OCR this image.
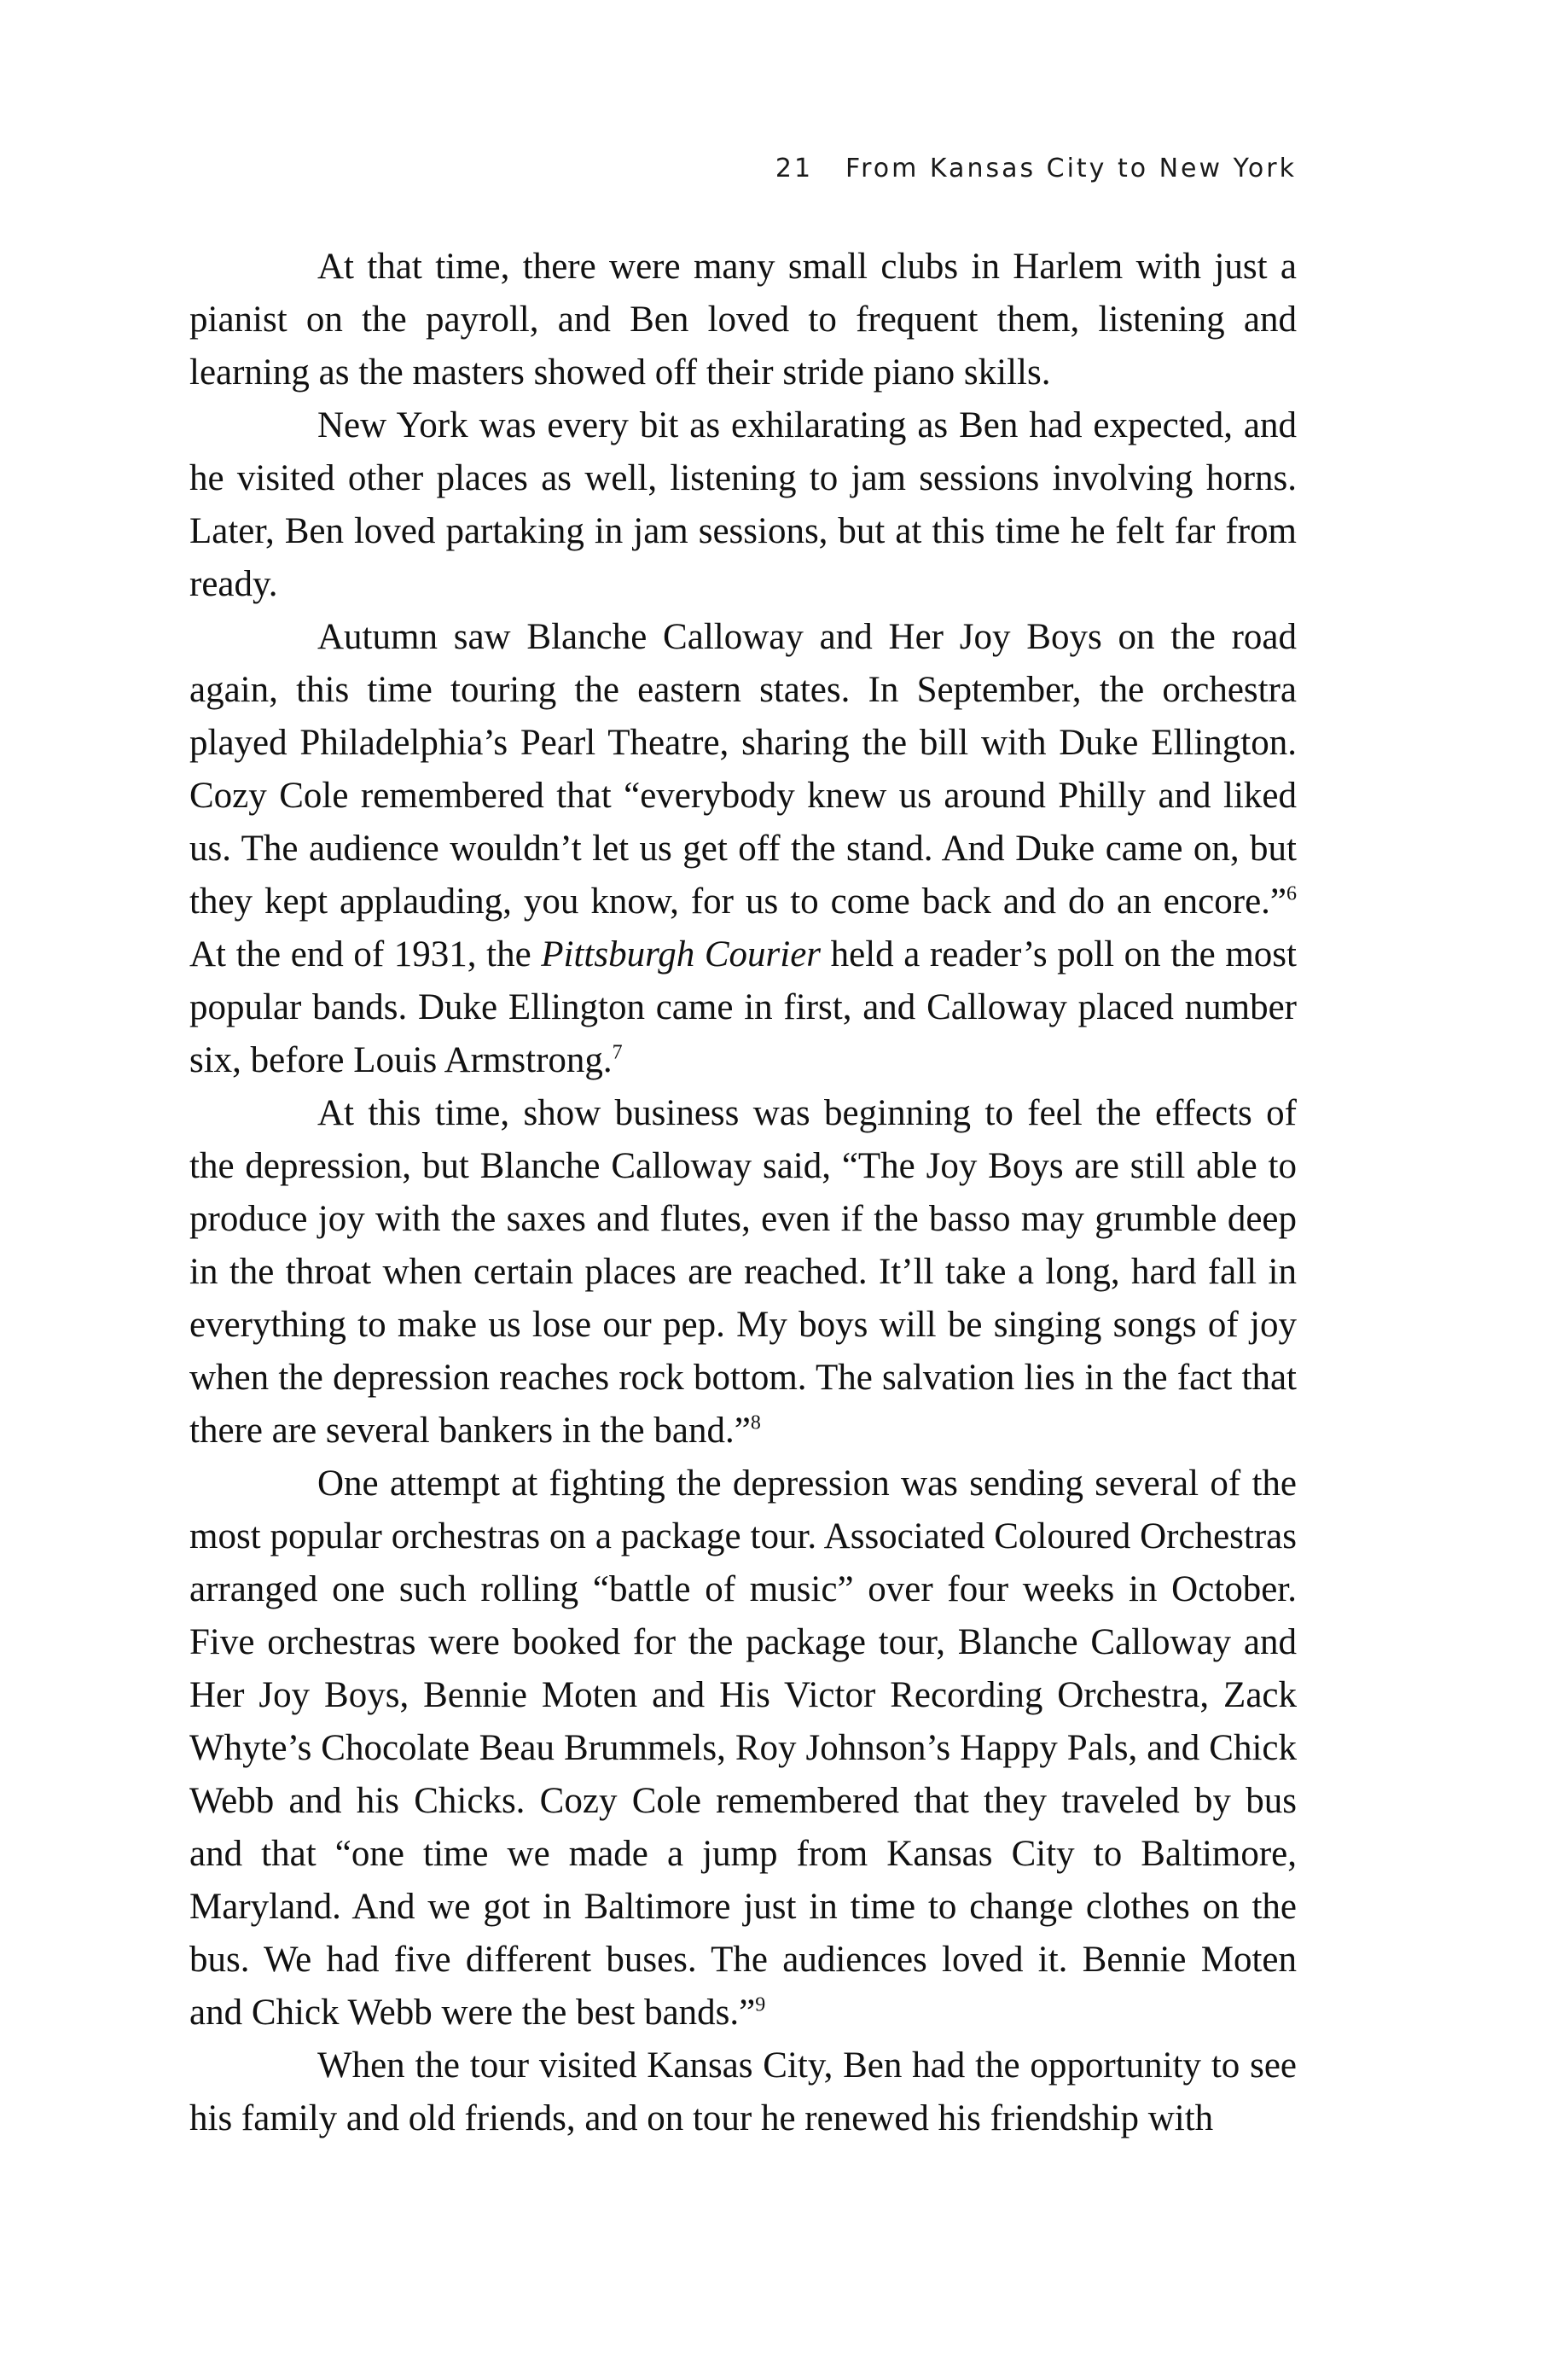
21 From Kansas City to New York

At that time, there were many small clubs in Harlem with just a pianist on the payroll, and Ben loved to frequent them, listening and learning as the masters showed off their stride piano skills.

New York was every bit as exhilarating as Ben had expected, and he visited other places as well, listening to jam sessions involving horns. Later, Ben loved partaking in jam sessions, but at this time he felt far from ready.

Autumn saw Blanche Calloway and Her Joy Boys on the road again, this time touring the eastern states. In September, the orchestra played Philadelphia’s Pearl Theatre, sharing the bill with Duke Ellington. Cozy Cole remembered that “everybody knew us around Philly and liked us. The audience wouldn’t let us get off the stand. And Duke came on, but they kept applauding, you know, for us to come back and do an encore.”$^6$ At the end of 1931, the Pittsburgh Courier held a reader’s poll on the most popular bands. Duke Ellington came in first, and Calloway placed number six, before Louis Armstrong.$^7$

At this time, show business was beginning to feel the effects of the depression, but Blanche Calloway said, “The Joy Boys are still able to produce joy with the saxes and flutes, even if the basso may grumble deep in the throat when certain places are reached. It’ll take a long, hard fall in everything to make us lose our pep. My boys will be singing songs of joy when the depression reaches rock bottom. The salvation lies in the fact that there are several bankers in the band.”$^8$

One attempt at fighting the depression was sending several of the most popular orchestras on a package tour. Associated Coloured Orchestras arranged one such rolling “battle of music” over four weeks in October. Five orchestras were booked for the package tour, Blanche Calloway and Her Joy Boys, Bennie Moten and His Victor Recording Orchestra, Zack Whyte’s Chocolate Beau Brummels, Roy Johnson’s Happy Pals, and Chick Webb and his Chicks. Cozy Cole remembered that they traveled by bus and that “one time we made a jump from Kansas City to Baltimore, Maryland. And we got in Baltimore just in time to change clothes on the bus. We had five different buses. The audiences loved it. Bennie Moten and Chick Webb were the best bands.”$^9$

When the tour visited Kansas City, Ben had the opportunity to see his family and old friends, and on tour he renewed his friendship with
